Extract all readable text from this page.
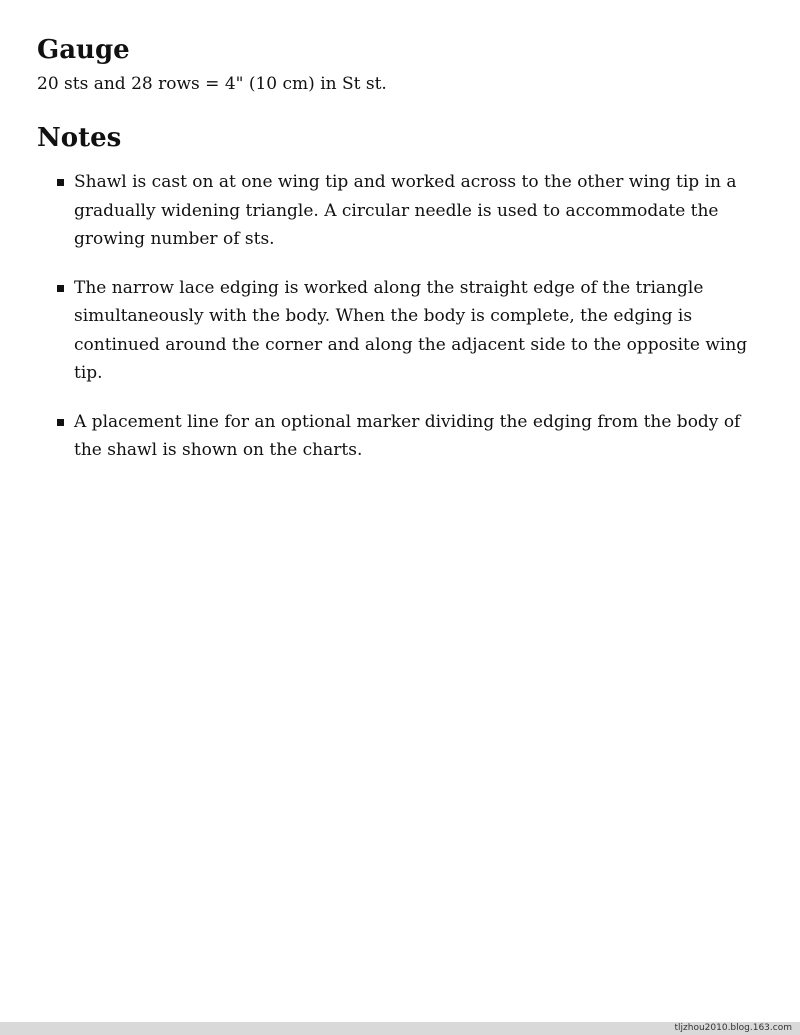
Gauge

20 sts and 28 rows = 4" (10 cm) in St st.

Notes
Shawl is cast on at one wing tip and worked across to the other wing tip in a gradually widening triangle. A circular needle is used to accommodate the growing number of sts.
The narrow lace edging is worked along the straight edge of the triangle simultaneously with the body. When the body is complete, the edging is continued around the corner and along the adjacent side to the opposite wing tip.
A placement line for an optional marker dividing the edging from the body of the shawl is shown on the charts.
tljzhou2010.blog.163.com
